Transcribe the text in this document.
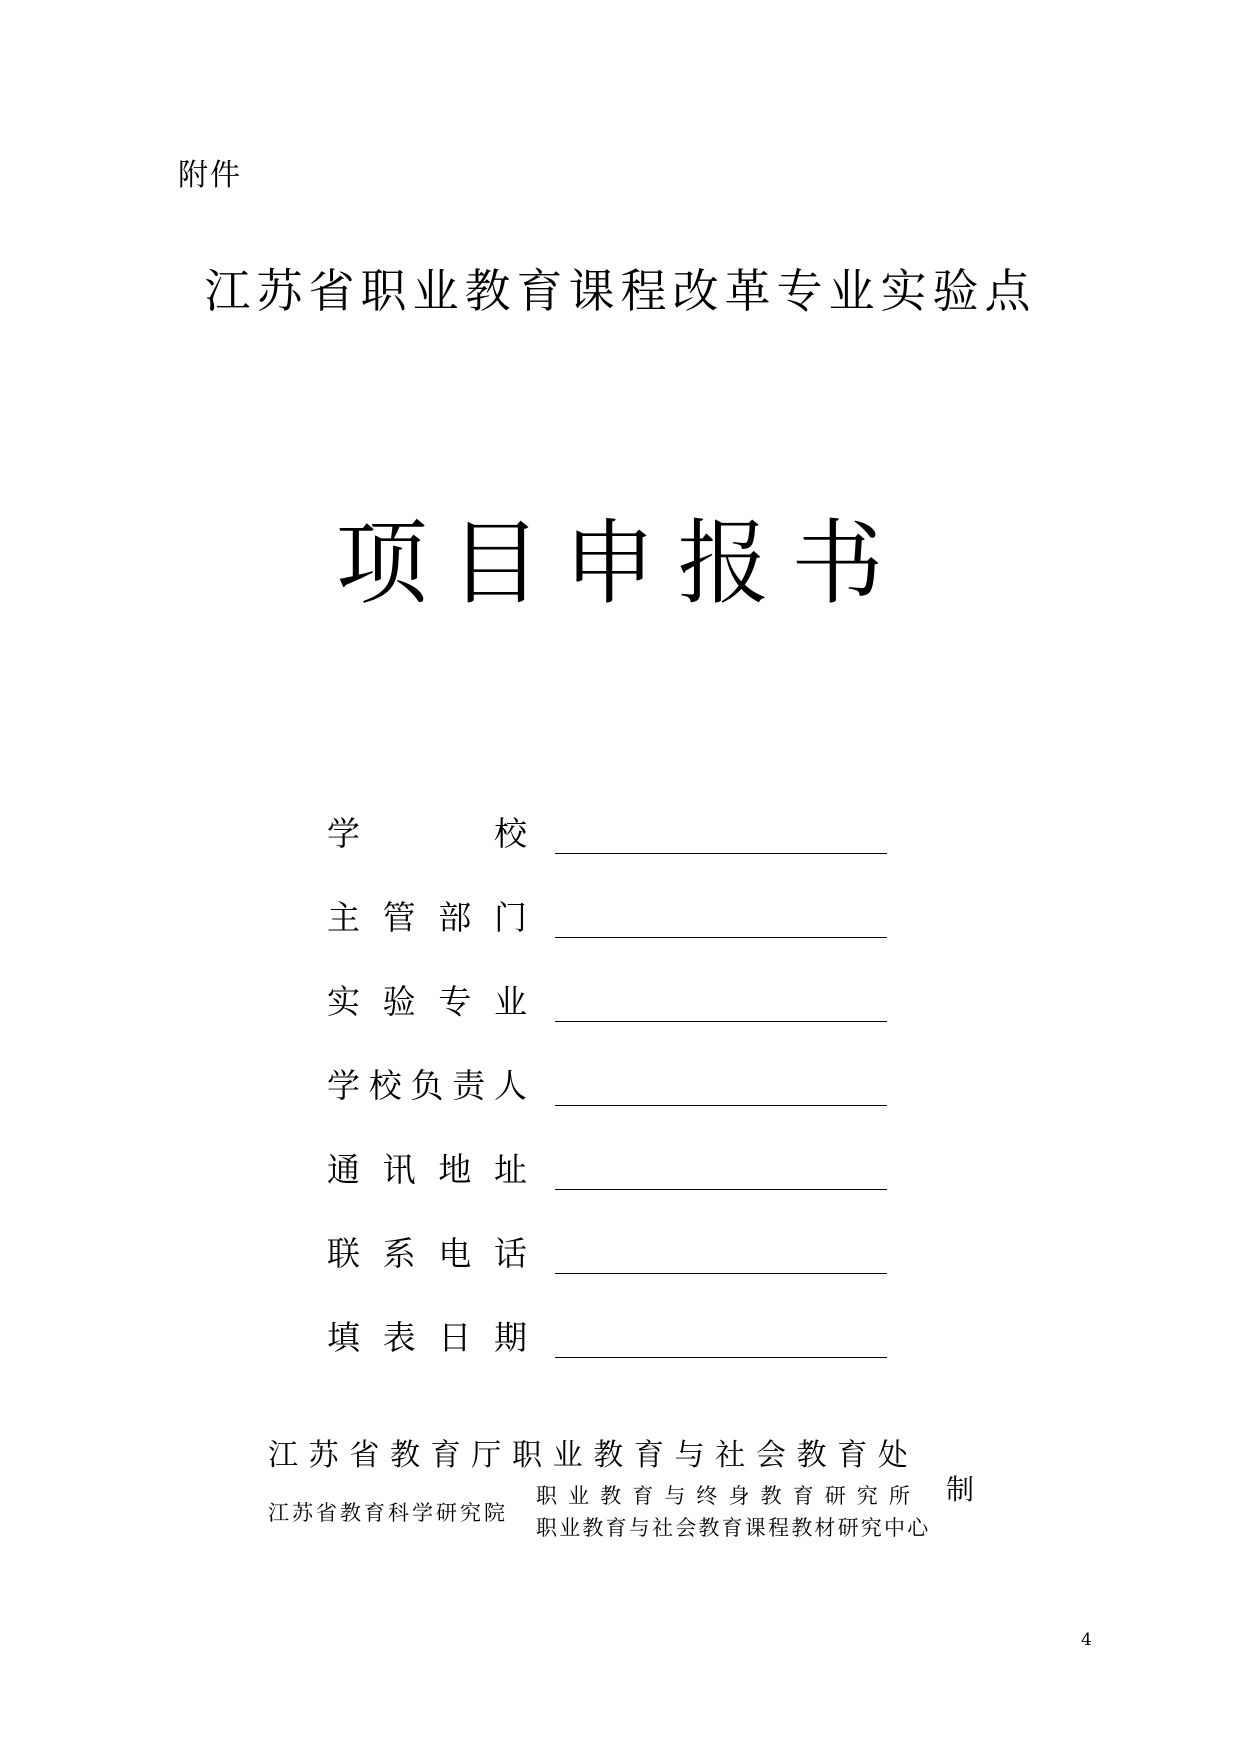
附件
江苏省职业教育课程改革专业实验点
项目申报书
学	校
主 管 部 门
实 验 专 业
学 校 负 责 人
通 讯 地 址
联 系 电 话
填 表 日 期
江 苏 省 教 育 厅 职 业 教 育 与 社 会 教 育 处
江苏省教育科学研究院
职 业 教 育 与 终 身 教 育 研 究 所
职业教育与社会教育课程教材研究中心
制
4
